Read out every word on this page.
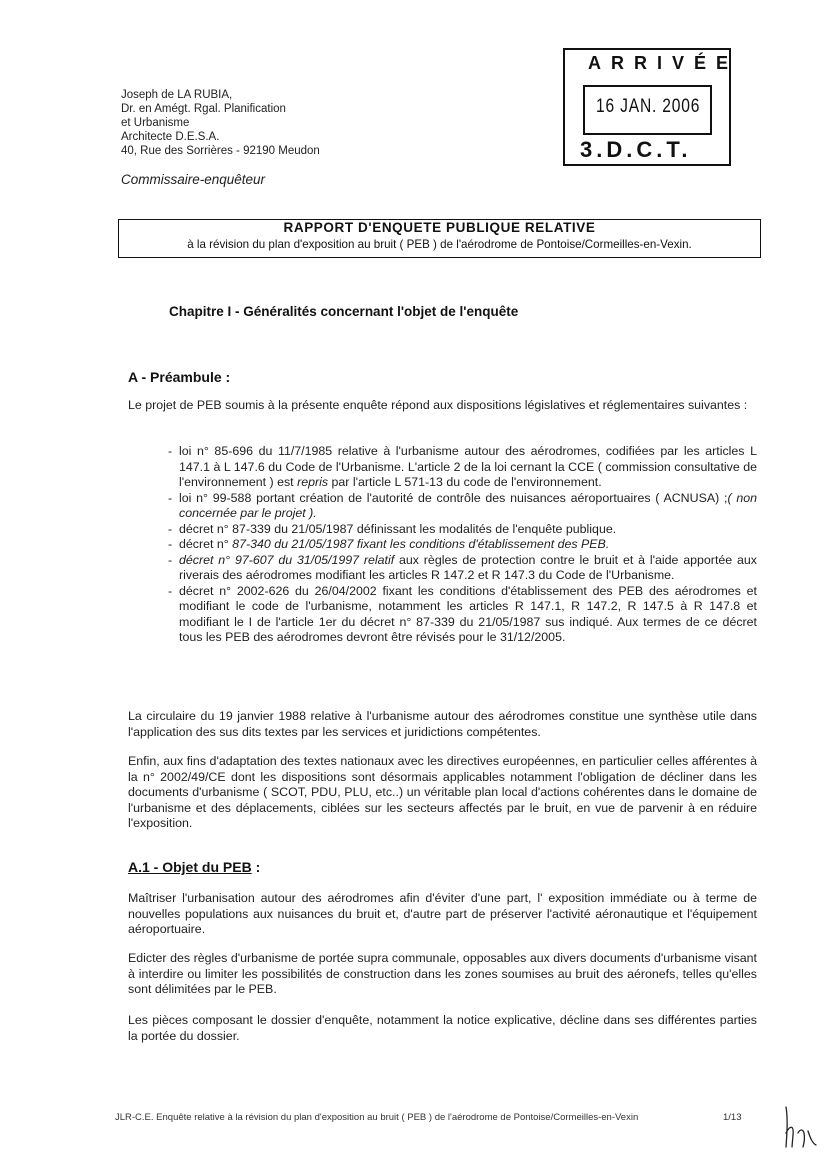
Joseph de LA RUBIA,
Dr. en Amégt. Rgal. Planification
et Urbanisme
Architecte D.E.S.A.
40, Rue des Sorrières - 92190 Meudon
Commissaire-enquêteur
ARRIVÉE
16 JAN. 2006
3.D.C.T.
RAPPORT D'ENQUETE PUBLIQUE RELATIVE
à la révision du plan d'exposition au bruit ( PEB ) de l'aérodrome de Pontoise/Cormeilles-en-Vexin.
Chapitre I - Généralités concernant l'objet de l'enquête
A - Préambule :
Le projet de PEB soumis à la présente enquête répond aux dispositions législatives et réglementaires suivantes :
- loi n° 85-696 du 11/7/1985 relative à l'urbanisme autour des aérodromes, codifiées par les articles L 147.1 à L 147.6 du Code de l'Urbanisme. L'article 2 de la loi cernant la CCE ( commission consultative de l'environnement ) est repris par l'article L 571-13 du code de l'environnement.
- loi n° 99-588 portant création de l'autorité de contrôle des nuisances aéroportuaires ( ACNUSA) ;( non concernée par le projet ).
- décret n° 87-339 du 21/05/1987 définissant les modalités de l'enquête publique.
- décret n° 87-340 du 21/05/1987 fixant les conditions d'établissement des PEB.
- décret n° 97-607 du 31/05/1997 relatif aux règles de protection contre le bruit et à l'aide apportée aux riverais des aérodromes modifiant les articles R 147.2 et R 147.3 du Code de l'Urbanisme.
- décret n° 2002-626 du 26/04/2002 fixant les conditions d'établissement des PEB des aérodromes et modifiant le code de l'urbanisme, notamment les articles R 147.1, R 147.2, R 147.5 à R 147.8 et modifiant le I de l'article 1er du décret n° 87-339 du 21/05/1987 sus indiqué. Aux termes de ce décret tous les PEB des aérodromes devront être révisés pour le 31/12/2005.
La circulaire du 19 janvier 1988 relative à l'urbanisme autour des aérodromes constitue une synthèse utile dans l'application des sus dits textes par les services et juridictions compétentes.
Enfin, aux fins d'adaptation des textes nationaux avec les directives européennes, en particulier celles afférentes à la n° 2002/49/CE dont les dispositions sont désormais applicables notamment l'obligation de décliner dans les documents d'urbanisme ( SCOT, PDU, PLU, etc..) un véritable plan local d'actions cohérentes dans le domaine de l'urbanisme et des déplacements, ciblées sur les secteurs affectés par le bruit, en vue de parvenir à en réduire l'exposition.
A.1 - Objet du PEB :
Maîtriser l'urbanisation autour des aérodromes afin d'éviter d'une part, l' exposition immédiate ou à terme de nouvelles populations aux nuisances du bruit et, d'autre part de préserver l'activité aéronautique et l'équipement aéroportuaire.
Edicter des règles d'urbanisme de portée supra communale, opposables aux divers documents d'urbanisme visant à interdire ou limiter les possibilités de construction dans les zones soumises au bruit des aéronefs, telles qu'elles sont délimitées par le PEB.
Les pièces composant le dossier d'enquête, notamment la notice explicative, décline dans ses différentes parties la portée du dossier.
JLR-C.E. Enquête relative à la révision du plan d'exposition au bruit ( PEB ) de l'aérodrome de Pontoise/Cormeilles-en-Vexin	1/13
